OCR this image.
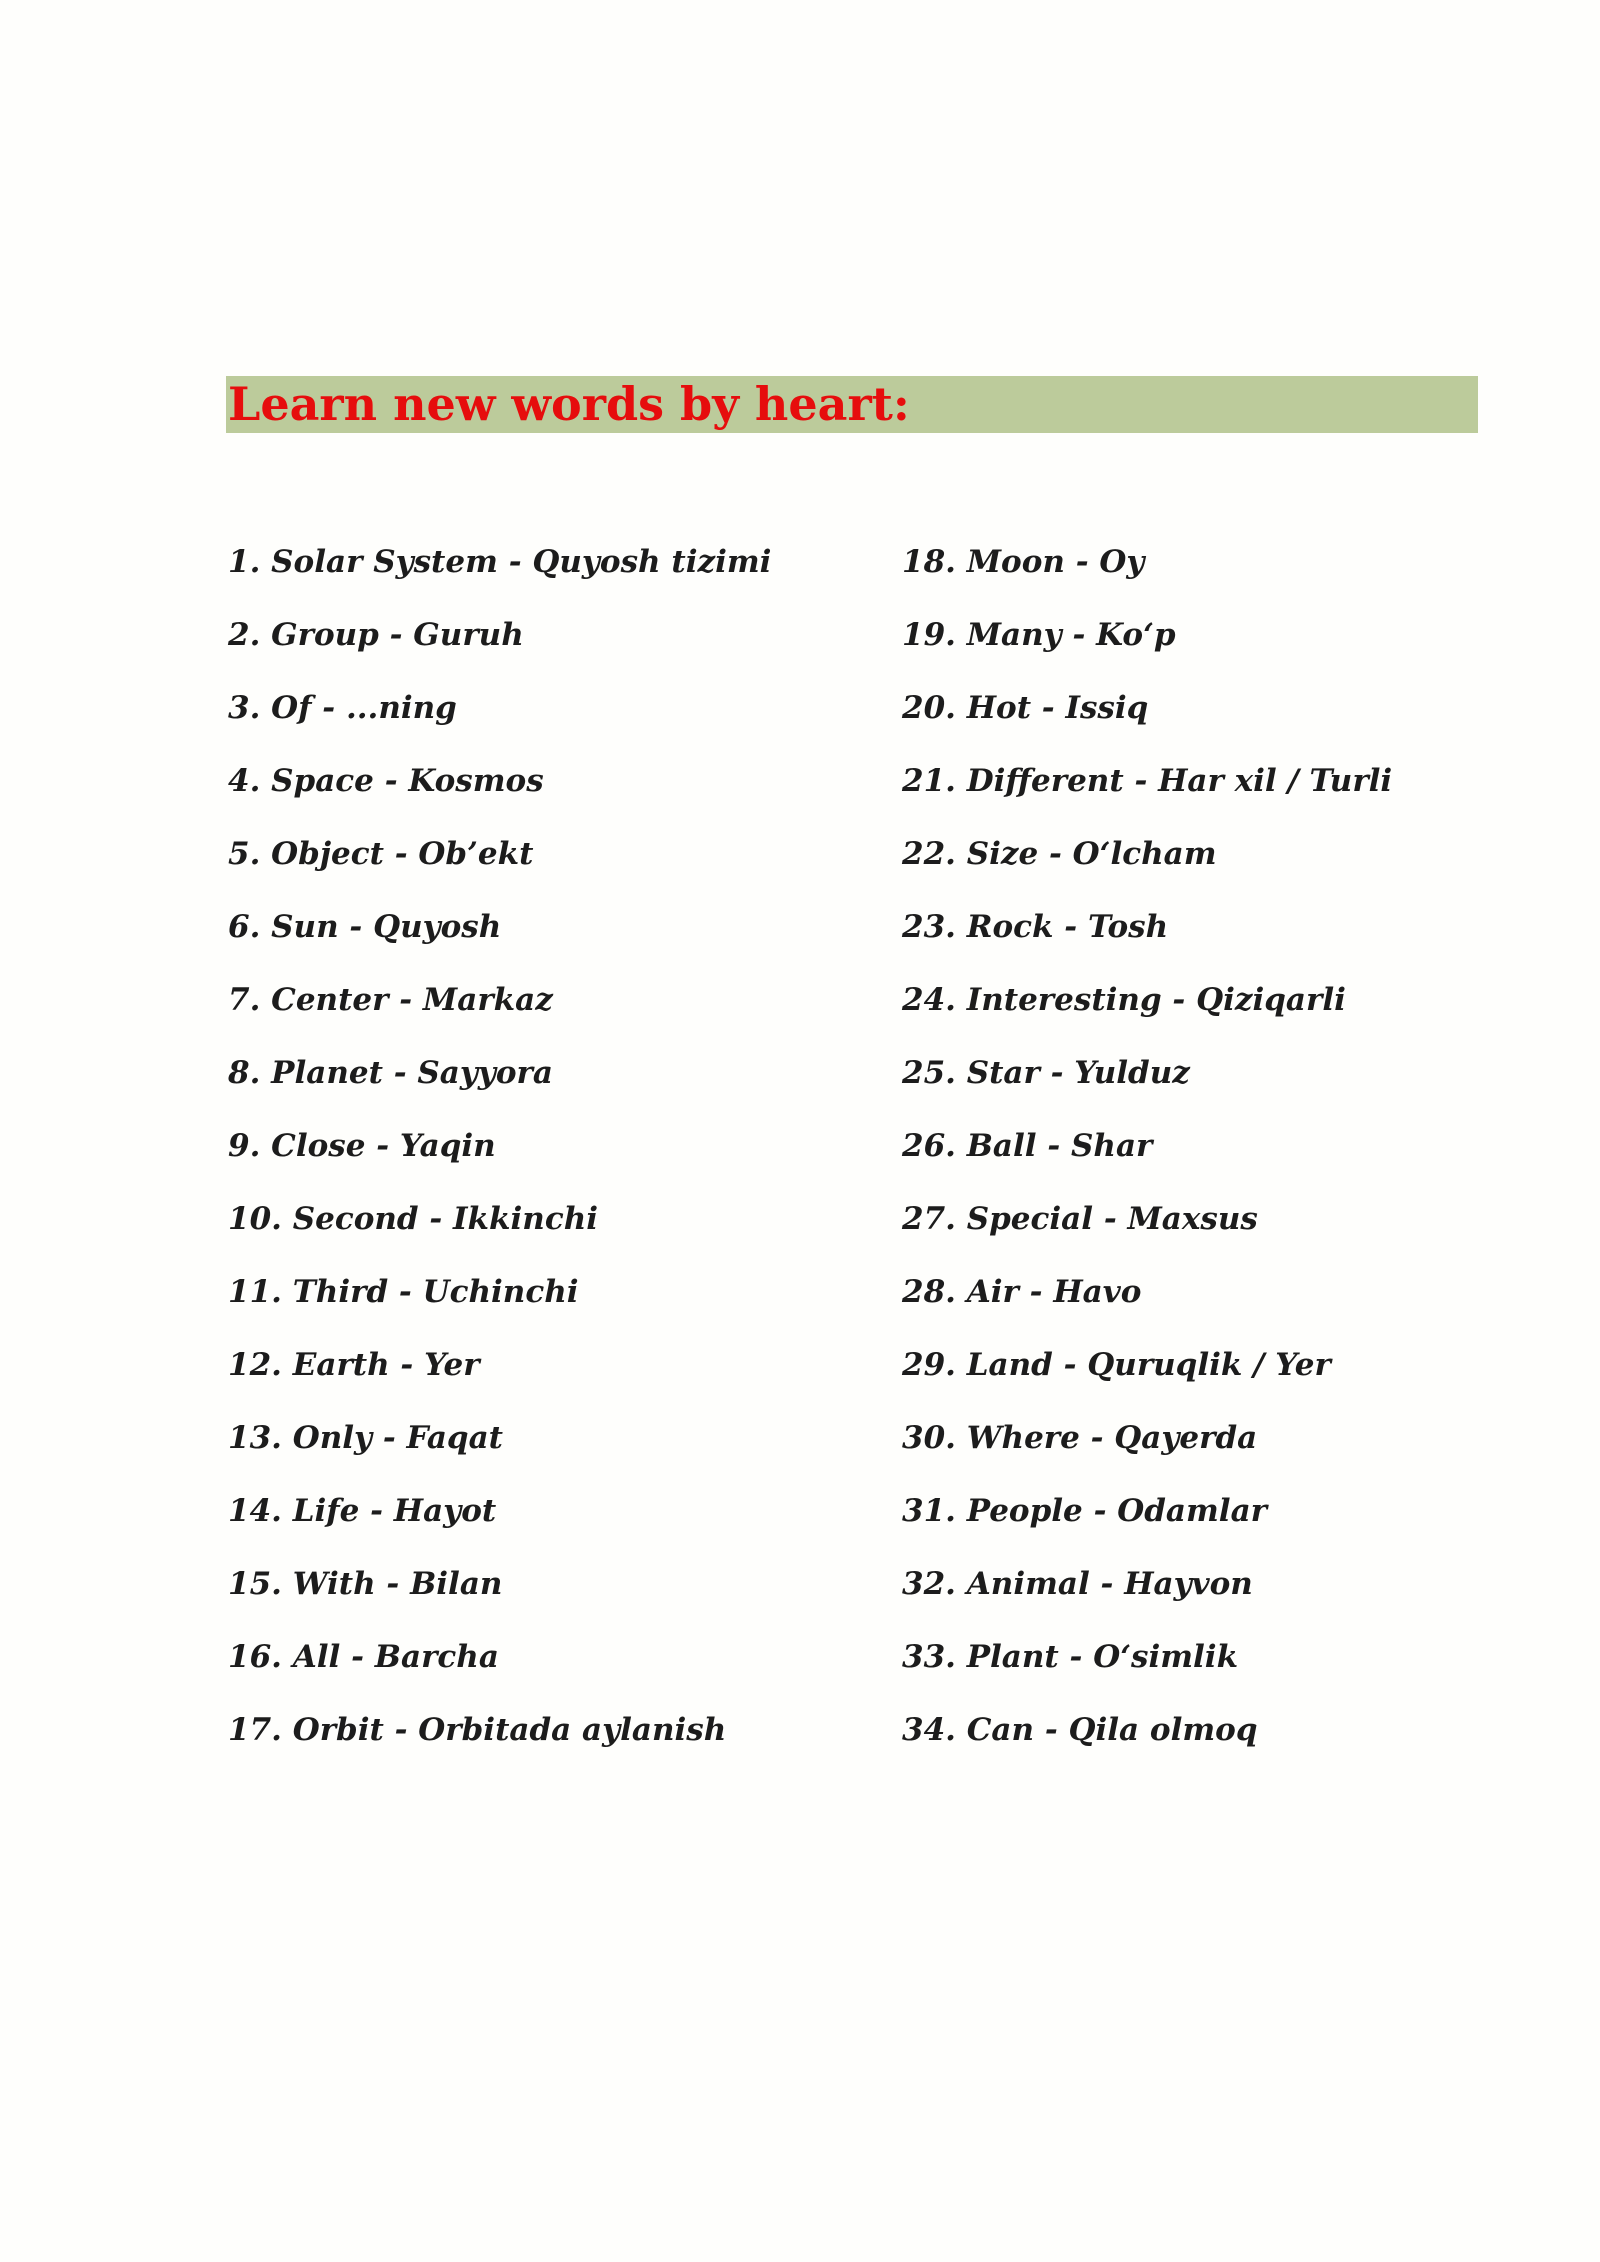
Learn new words by heart:
1. Solar System - Quyosh tizimi
2. Group - Guruh
3. Of - ...ning
4. Space - Kosmos
5. Object - Ob’ekt
6. Sun - Quyosh
7. Center - Markaz
8. Planet - Sayyora
9. Close - Yaqin
10. Second - Ikkinchi
11. Third - Uchinchi
12. Earth - Yer
13. Only - Faqat
14. Life - Hayot
15. With - Bilan
16. All - Barcha
17. Orbit - Orbitada aylanish
18. Moon - Oy
19. Many - Koʻp
20. Hot - Issiq
21. Different - Har xil / Turli
22. Size - Oʻlcham
23. Rock - Tosh
24. Interesting - Qiziqarli
25. Star - Yulduz
26. Ball - Shar
27. Special - Maxsus
28. Air - Havo
29. Land - Quruqlik / Yer
30. Where - Qayerda
31. People - Odamlar
32. Animal - Hayvon
33. Plant - Oʻsimlik
34. Can - Qila olmoq
